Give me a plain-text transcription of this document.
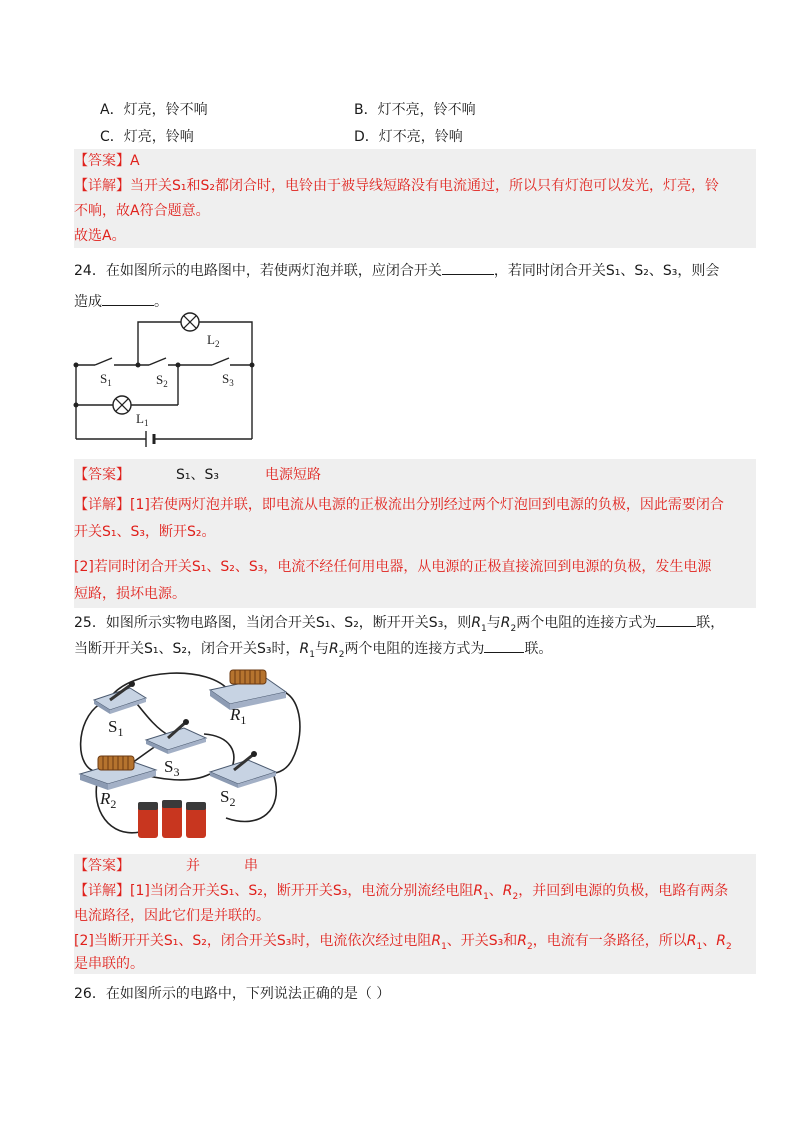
A．灯亮，铃不响	B．灯不亮，铃不响
C．灯亮，铃响	D．灯不亮，铃响
【答案】A
【详解】当开关S₁和S₂都闭合时，电铃由于被导线短路没有电流通过，所以只有灯泡可以发光，灯亮，铃
不响，故A符合题意。
故选A。
24．在如图所示的电路图中，若使两灯泡并联，应闭合开关	，若同时闭合开关S₁、S₂、S₃，则会
造成	。
$L_2$
$S_1$	$S_2$	$S_3$
$L_1$
【答案】	S₁、S₃	电源短路
【详解】[1]若使两灯泡并联，即电流从电源的正极流出分别经过两个灯泡回到电源的负极，因此需要闭合
开关S₁、S₃，断开S₂。
[2]若同时闭合开关S₁、S₂、S₃，电流不经任何用电器，从电源的正极直接流回到电源的负极，发生电源
短路，损坏电源。
25．如图所示实物电路图，当闭合开关S₁、S₂，断开开关S₃，则$R_1$与$R_2$两个电阻的连接方式为	联，
当断开开关S₁、S₂，闭合开关S₃时，$R_1$与$R_2$两个电阻的连接方式为	联。
$S_1$
$R_1$
$S_3$
$R_2$	$S_2$
【答案】	并	串
【详解】[1]当闭合开关S₁、S₂，断开开关S₃，电流分别流经电阻$R_1$、$R_2$，并回到电源的负极，电路有两条
电流路径，因此它们是并联的。
[2]当断开开关S₁、S₂，闭合开关S₃时，电流依次经过电阻$R_1$、开关S₃和$R_2$，电流有一条路径，所以$R_1$、$R_2$
是串联的。
26．在如图所示的电路中，下列说法正确的是（ ）
